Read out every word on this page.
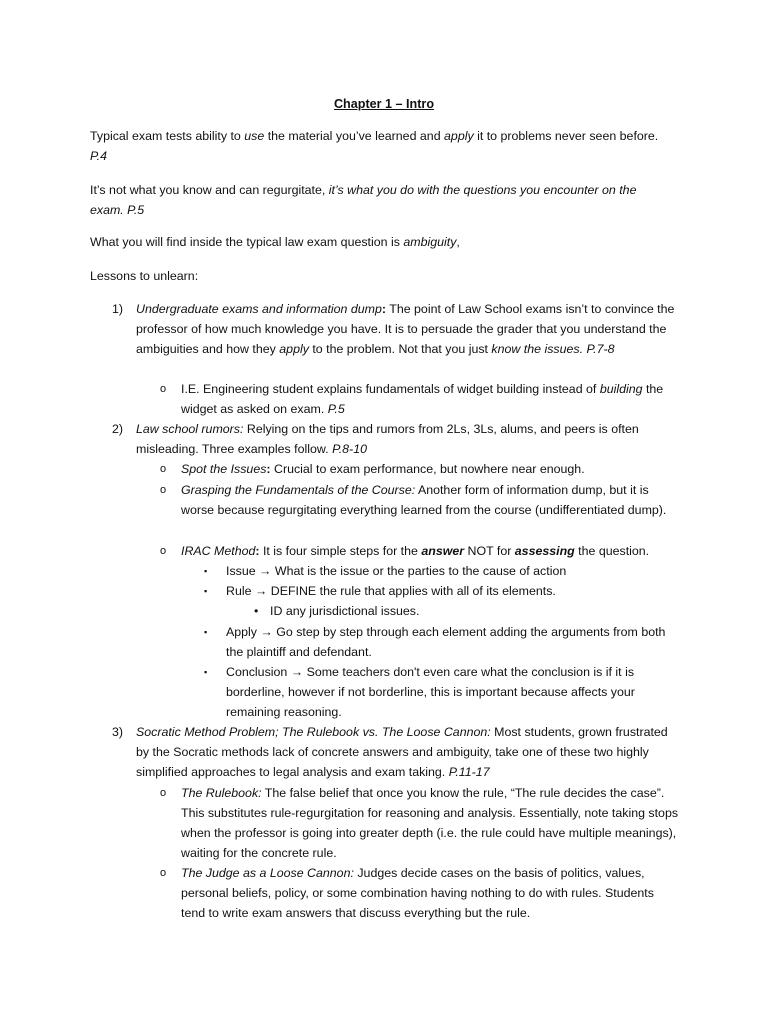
Chapter 1 – Intro
Typical exam tests ability to use the material you’ve learned and apply it to problems never seen before.
P.4
It’s not what you know and can regurgitate, it’s what you do with the questions you encounter on the exam. P.5
What you will find inside the typical law exam question is ambiguity,
Lessons to unlearn:
1)	Undergraduate exams and information dump: The point of Law School exams isn’t to convince the professor of how much knowledge you have. It is to persuade the grader that you understand the ambiguities and how they apply to the problem. Not that you just know the issues. P.7-8
o	I.E. Engineering student explains fundamentals of widget building instead of building the widget as asked on exam. P.5
2)	Law school rumors: Relying on the tips and rumors from 2Ls, 3Ls, alums, and peers is often misleading. Three examples follow. P.8-10
o	Spot the Issues: Crucial to exam performance, but nowhere near enough.
o	Grasping the Fundamentals of the Course: Another form of information dump, but it is worse because regurgitating everything learned from the course (undifferentiated dump).
o	IRAC Method: It is four simple steps for the answer NOT for assessing the question.
▪	Issue → What is the issue or the parties to the cause of action
▪	Rule → DEFINE the rule that applies with all of its elements.
• ID any jurisdictional issues.
▪	Apply → Go step by step through each element adding the arguments from both the plaintiff and defendant.
▪	Conclusion → Some teachers don't even care what the conclusion is if it is borderline, however if not borderline, this is important because affects your remaining reasoning.
3)	Socratic Method Problem; The Rulebook vs. The Loose Cannon: Most students, grown frustrated by the Socratic methods lack of concrete answers and ambiguity, take one of these two highly simplified approaches to legal analysis and exam taking. P.11-17
o	The Rulebook: The false belief that once you know the rule, “The rule decides the case”. This substitutes rule-regurgitation for reasoning and analysis. Essentially, note taking stops when the professor is going into greater depth (i.e. the rule could have multiple meanings), waiting for the concrete rule.
o	The Judge as a Loose Cannon: Judges decide cases on the basis of politics, values, personal beliefs, policy, or some combination having nothing to do with rules. Students tend to write exam answers that discuss everything but the rule.
